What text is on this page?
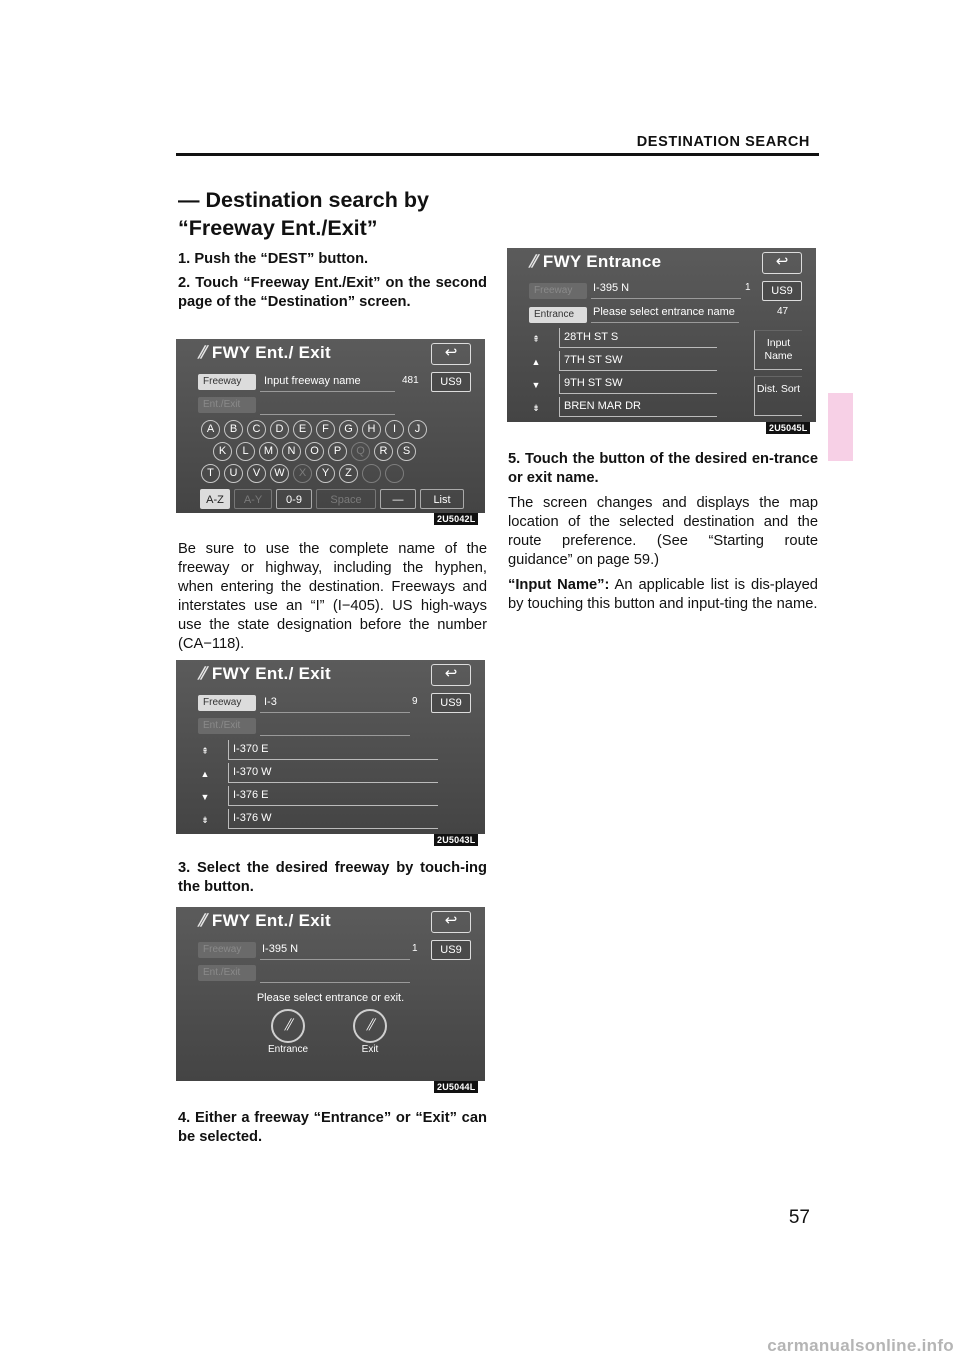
DESTINATION SEARCH
— Destination search by
“Freeway Ent./Exit”
1. Push the “DEST” button.
2. Touch “Freeway Ent./Exit” on the second page of the “Destination” screen.
⫽ FWY Ent./ Exit	↩
Freeway	Input freeway name	481	US9
Ent./Exit
A	B	C	D	E	F	G	H	I	J
K	L	M	N	O	P	Q	R	S
T	U	V	W	X	Y	Z
A-Z	A-Y	0-9	Space	—	List
2U5042L
Be sure to use the complete name of the freeway or highway, including the hyphen, when entering the destination. Freeways and interstates use an “I” (I−405). US high-ways use the state designation before the number (CA−118).
⫽ FWY Ent./ Exit	↩
Freeway	I-3	9	US9
Ent./Exit
⇞
▲
▼
⇟
I-370 E
I-370 W
I-376 E
I-376 W
2U5043L
3. Select the desired freeway by touch-ing the button.
⫽ FWY Ent./ Exit	↩
Freeway	I-395 N	1	US9
Ent./Exit
Please select entrance or exit.
⫽
Entrance
⫽
Exit
2U5044L
4. Either a freeway “Entrance” or “Exit” can be selected.
⫽ FWY Entrance	↩
Freeway	I-395 N	1	US9
Entrance	Please select entrance name	47
⇞
▲
▼
⇟
28TH ST S
7TH ST SW
9TH ST SW
BREN MAR DR
Input Name
Dist. Sort
2U5045L
5. Touch the button of the desired en-trance or exit name.
The screen changes and displays the map location of the selected destination and the route preference. (See “Starting route guidance” on page 59.)
“Input Name”: An applicable list is dis-played by touching this button and input-ting the name.
57
carmanualsonline.info
